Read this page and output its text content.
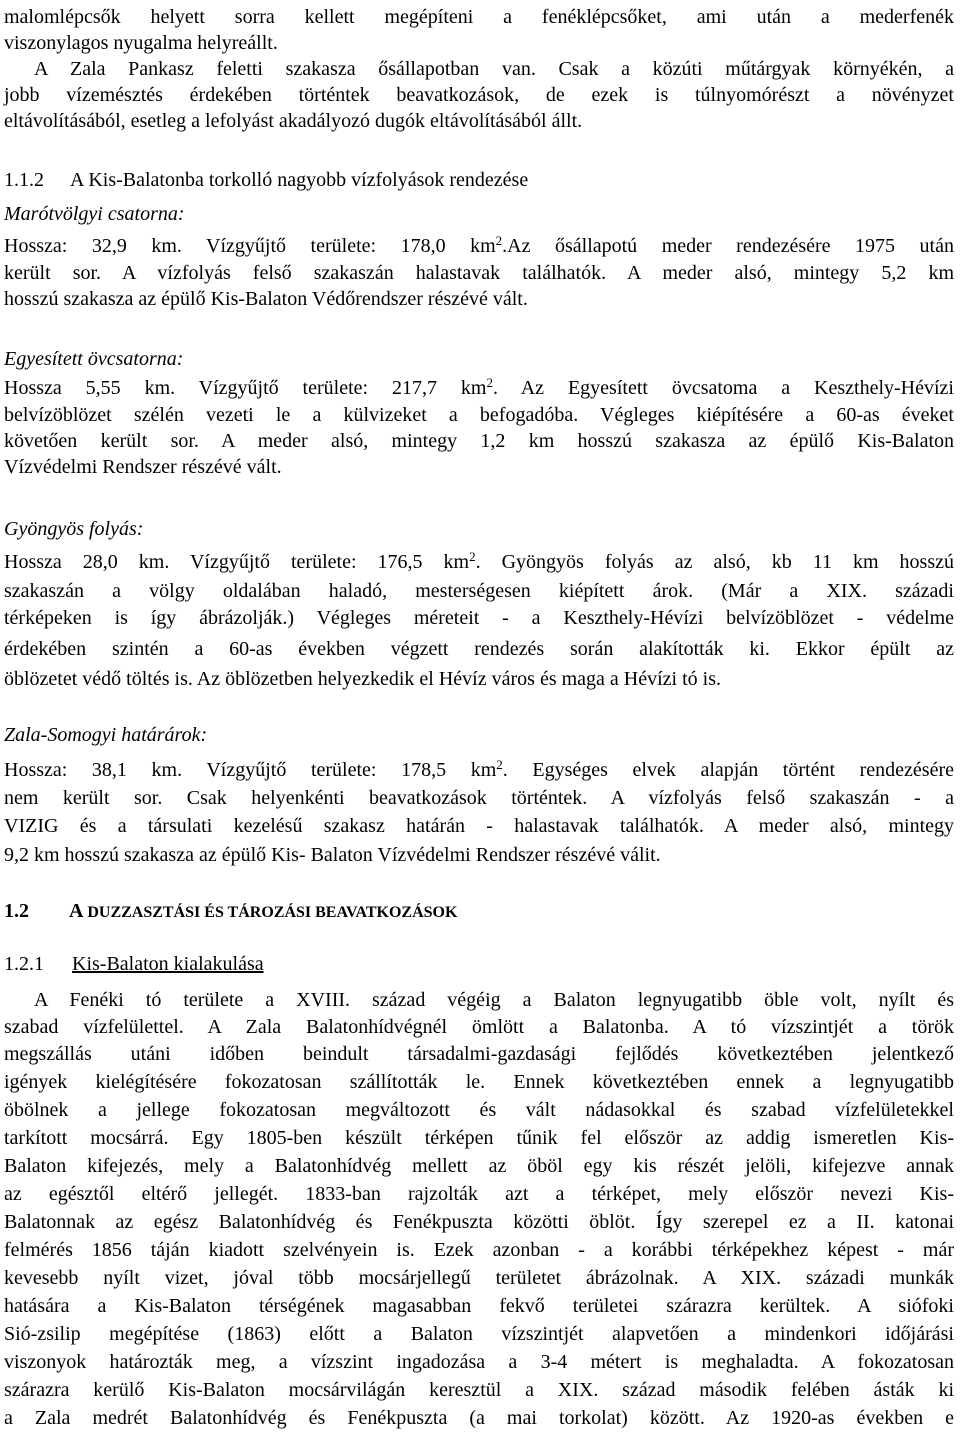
malomlépcsők helyett sorra kellett megépíteni a fenéklépcsőket, ami után a mederfenék
viszonylagos nyugalma helyreállt.
A Zala Pankasz feletti szakasza ősállapotban van. Csak a közúti műtárgyak környékén, a
jobb vízemésztés érdekében történtek beavatkozások, de ezek is túlnyomórészt a növényzet
eltávolításából, esetleg a lefolyást akadályozó dugók eltávolításából állt.
1.1.2 A Kis-Balatonba torkolló nagyobb vízfolyások rendezése
Marótvölgyi csatorna:
Hossza: 32,9 km. Vízgyűjtő területe: 178,0 $km^2.Az$ ősállapotú meder rendezésére 1975 után
került sor. A vízfolyás felső szakaszán halastavak találhatók. A meder alsó, mintegy 5,2 km
hosszú szakasza az épülő Kis-Balaton Védőrendszer részévé vált.
Egyesített övcsatorna:
Hossza 5,55 km. Vízgyűjtő területe: 217,7 $km^2$. Az Egyesített övcsatoma a Keszthely-Hévízi
belvízöblözet szélén vezeti le a külvizeket a befogadóba. Végleges kiépítésére a 60-as éveket
követően került sor. A meder alsó, mintegy 1,2 km hosszú szakasza az épülő Kis-Balaton
Vízvédelmi Rendszer részévé vált.
Gyöngyös folyás:
Hossza 28,0 km. Vízgyűjtő területe: 176,5 $km^2$. Gyöngyös folyás az alsó, kb 11 km hosszú
szakaszán a völgy oldalában haladó, mesterségesen kiépített árok. (Már a XIX. századi
térképeken is így ábrázolják.) Végleges méreteit - a Keszthely-Hévízi belvízöblözet - védelme
érdekében szintén a 60-as években végzett rendezés során alakították ki. Ekkor épült az
öblözetet védő töltés is. Az öblözetben helyezkedik el Hévíz város és maga a Hévízi tó is.
Zala-Somogyi határárok:
Hossza: 38,1 km. Vízgyűjtő területe: 178,5 $km^2$. Egységes elvek alapján történt rendezésére
nem került sor. Csak helyenkénti beavatkozások történtek. A vízfolyás felső szakaszán - a
VIZIG és a társulati kezelésű szakasz határán - halastavak találhatók. A meder alsó, mintegy
9,2 km hosszú szakasza az épülő Kis- Balaton Vízvédelmi Rendszer részévé válit.
1.2 A DUZZASZTÁSI ÉS TÁROZÁSI BEAVATKOZÁSOK
1.2.1 Kis-Balaton kialakulása
A Fenéki tó területe a XVIII. század végéig a Balaton legnyugatibb öble volt, nyílt és
szabad vízfelülettel. A Zala Balatonhídvégnél ömlött a Balatonba. A tó vízszintjét a török
megszállás utáni időben beindult társadalmi-gazdasági fejlődés következtében jelentkező
igények kielégítésére fokozatosan szállították le. Ennek következtében ennek a legnyugatibb
öbölnek a jellege fokozatosan megváltozott és vált nádasokkal és szabad vízfelületekkel
tarkított mocsárrá. Egy 1805-ben készült térképen tűnik fel először az addig ismeretlen Kis-
Balaton kifejezés, mely a Balatonhídvég mellett az öböl egy kis részét jelöli, kifejezve annak
az egésztől eltérő jellegét. 1833-ban rajzolták azt a térképet, mely először nevezi Kis-
Balatonnak az egész Balatonhídvég és Fenékpuszta közötti öblöt. Így szerepel ez a II. katonai
felmérés 1856 táján kiadott szelvényein is. Ezek azonban - a korábbi térképekhez képest - már
kevesebb nyílt vizet, jóval több mocsárjellegű területet ábrázolnak. A XIX. századi munkák
hatására a Kis-Balaton térségének magasabban fekvő területei szárazra kerültek. A siófoki
Sió-zsilip megépítése (1863) előtt a Balaton vízszintjét alapvetően a mindenkori időjárási
viszonyok határozták meg, a vízszint ingadozása a 3-4 métert is meghaladta. A fokozatosan
szárazra kerülő Kis-Balaton mocsárvilágán keresztül a XIX. század második felében ásták ki
a Zala medrét Balatonhídvég és Fenékpuszta (a mai torkolat) között. Az 1920-as években e
